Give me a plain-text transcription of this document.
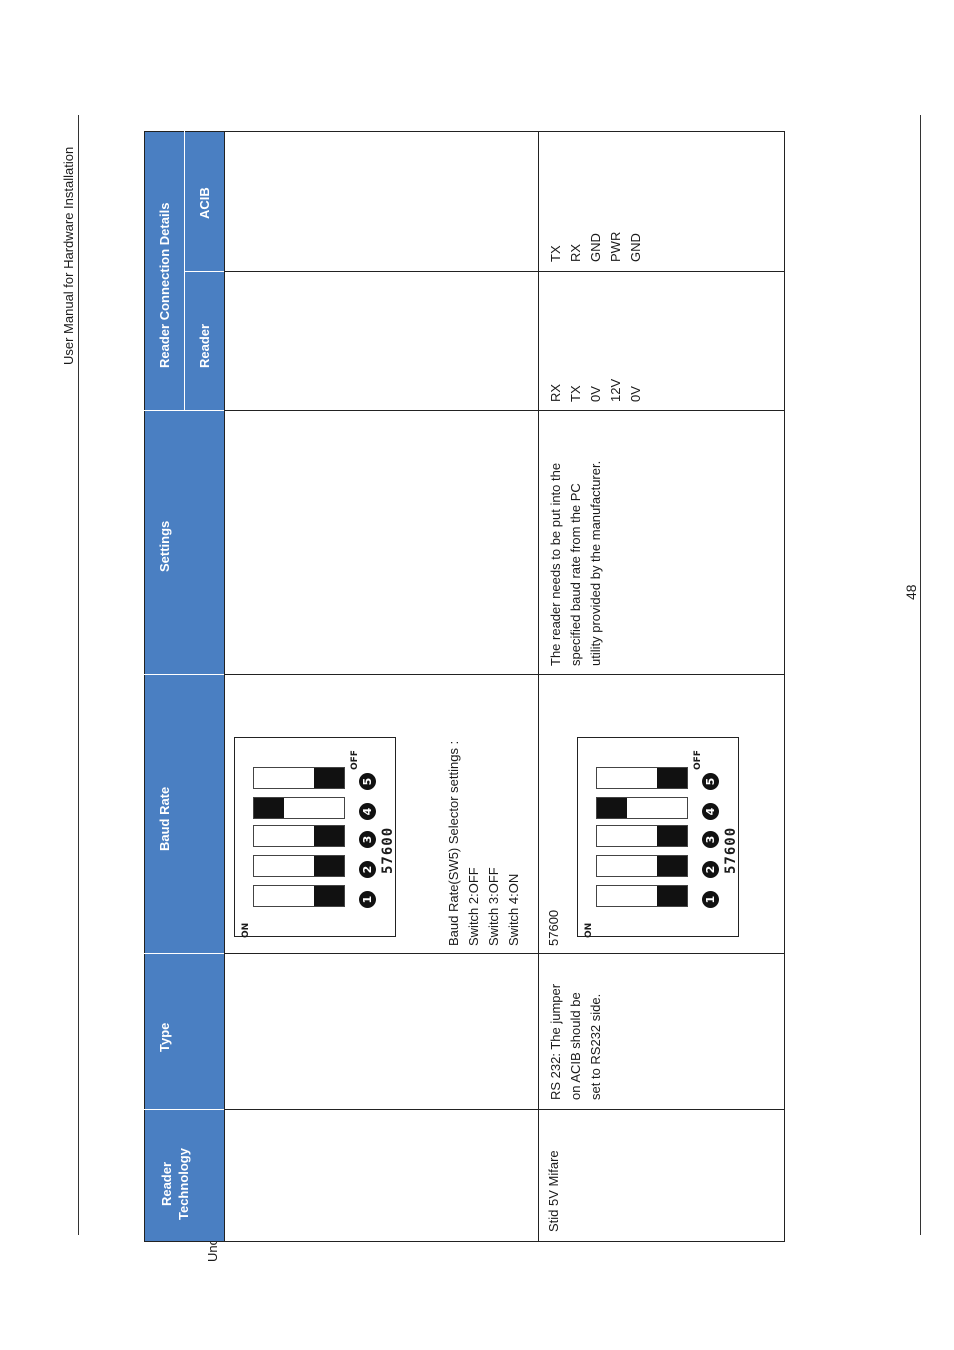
User Manual for Hardware Installation
48
Reader
Technology
Type
Baud Rate
Settings
Reader Connection Details Reader
ACIB
ON
1
2
3
4
5
OFF
57600
Baud Rate(SW5) Selector settings :
Switch 2:OFF
Switch 3:OFF
Switch 4:ON
Stid 5V Mifare
RS 232: The jumper
on ACIB should be
set to RS232 side.
57600	ON
1
2
3
4
5
OFF
57600
The reader needs to be put into the
specified baud rate from the PC
utility provided by the manufacturer.
RX
TX
0V
12V
0V
TX
RX
GND
PWR
GND
